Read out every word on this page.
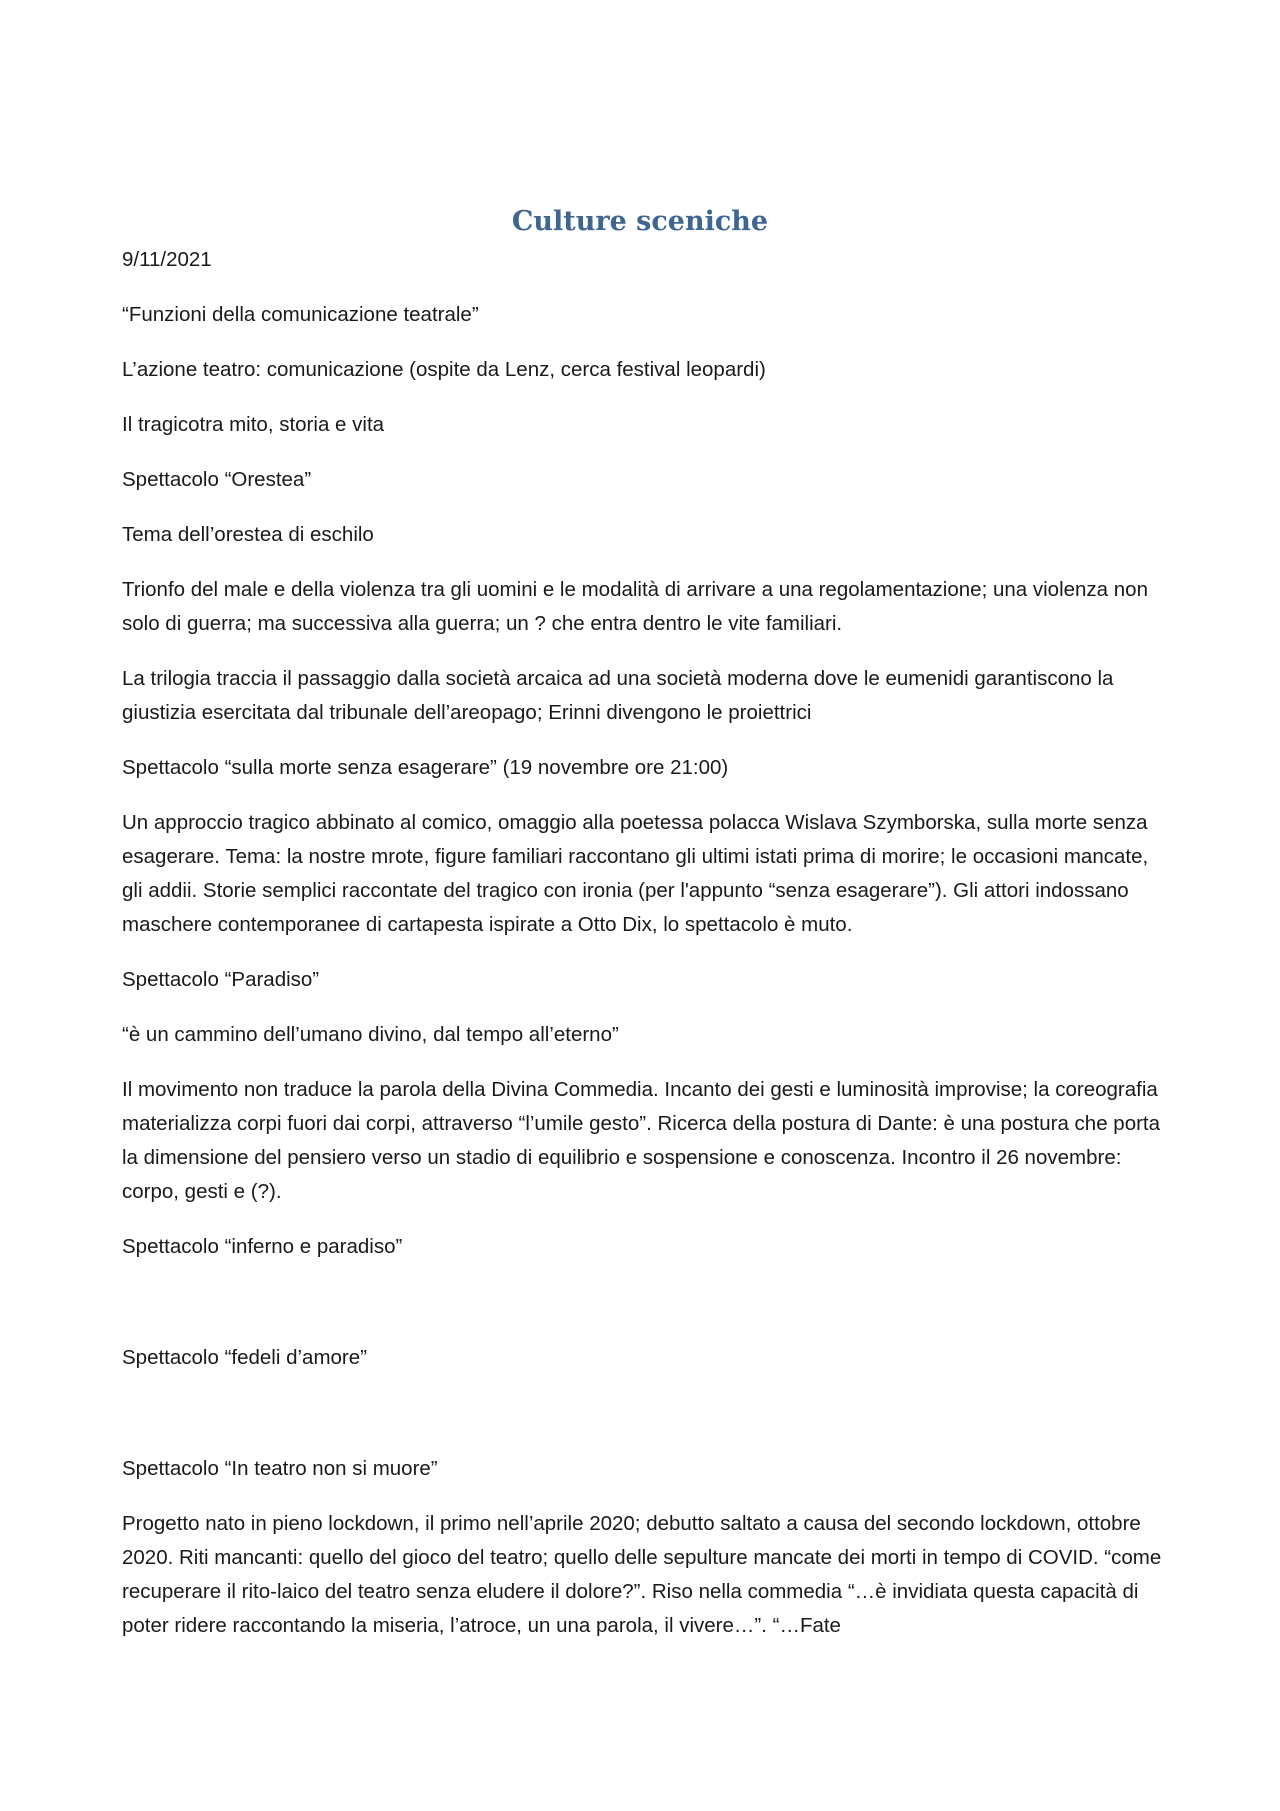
Culture sceniche

9/11/2021

“Funzioni della comunicazione teatrale”

L’azione teatro: comunicazione (ospite da Lenz, cerca festival leopardi)

Il tragicotra mito, storia e vita

Spettacolo “Orestea”

Tema dell’orestea di eschilo

Trionfo del male e della violenza tra gli uomini e le modalità di arrivare a una regolamentazione; una violenza non solo di guerra; ma successiva alla guerra; un ? che entra dentro le vite familiari.

La trilogia traccia il passaggio dalla società arcaica ad una società moderna dove le eumenidi garantiscono la giustizia esercitata dal tribunale dell’areopago; Erinni divengono le proiettrici

Spettacolo “sulla morte senza esagerare” (19 novembre ore 21:00)

Un approccio tragico abbinato al comico, omaggio alla poetessa polacca Wislava Szymborska, sulla morte senza esagerare. Tema: la nostre mrote, figure familiari raccontano gli ultimi istati prima di morire; le occasioni mancate, gli addii. Storie semplici raccontate del tragico con ironia (per l'appunto “senza esagerare”). Gli attori indossano maschere contemporanee di cartapesta ispirate a Otto Dix, lo spettacolo è muto.

Spettacolo “Paradiso”

“è un cammino dell’umano divino, dal tempo all’eterno”

Il movimento non traduce la parola della Divina Commedia. Incanto dei gesti e luminosità improvise; la coreografia materializza corpi fuori dai corpi, attraverso “l’umile gesto”. Ricerca della postura di Dante: è una postura che porta la dimensione del pensiero verso un stadio di equilibrio e sospensione e conoscenza. Incontro il 26 novembre: corpo, gesti e (?).

Spettacolo “inferno e paradiso”

Spettacolo “fedeli d’amore”

Spettacolo “In teatro non si muore”

Progetto nato in pieno lockdown, il primo nell’aprile 2020; debutto saltato a causa del secondo lockdown, ottobre 2020. Riti mancanti: quello del gioco del teatro; quello delle sepulture mancate dei morti in tempo di COVID. “come recuperare il rito-laico del teatro senza eludere il dolore?”. Riso nella commedia “…è invidiata questa capacità di poter ridere raccontando la miseria, l’atroce, un una parola, il vivere…”. “…Fate
